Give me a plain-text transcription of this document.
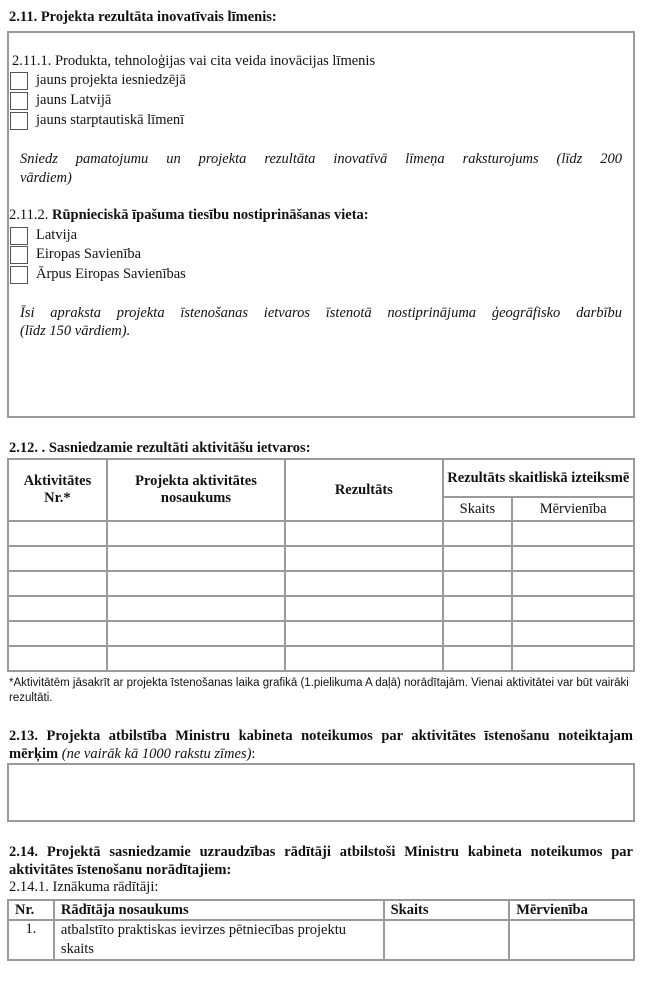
2.11. Projekta rezultāta inovatīvais līmenis:
2.11.1. Produkta, tehnoloģijas vai cita veida inovācijas līmenis
jauns projekta iesniedzējā
jauns Latvijā
jauns starptautiskā līmenī
Sniedz pamatojumu un projekta rezultāta inovatīvā līmeņa raksturojums (līdz 200
vārdiem)
2.11.2. Rūpnieciskā īpašuma tiesību nostiprināšanas vieta:
Latvija
Eiropas Savienība
Ārpus Eiropas Savienības
Īsi apraksta projekta īstenošanas ietvaros īstenotā nostiprinājuma ģeogrāfisko darbību
(līdz 150 vārdiem).
2.12. . Sasniedzamie rezultāti aktivitāšu ietvaros:
Aktivitātes Nr.*	Projekta aktivitātes nosaukums	Rezultāts	Rezultāts skaitliskā izteiksmē	
			Skaits	Mērvienība

*Aktivitātēm jāsakrīt ar projekta īstenošanas laika grafikā (1.pielikuma A daļā) norādītajām. Vienai aktivitātei var būt vairāki rezultāti.
2.13. Projekta atbilstība Ministru kabineta noteikumos par aktivitātes īstenošanu noteiktajam mērķim (ne vairāk kā 1000 rakstu zīmes):
2.14. Projektā sasniedzamie uzraudzības rādītāji atbilstoši Ministru kabineta noteikumos par aktivitātes īstenošanu norādītajiem:
2.14.1. Iznākuma rādītāji:
Nr.	Rādītāja nosaukums	Skaits	Mērvienība
1.	atbalstīto praktiskas ievirzes pētniecības projektu skaits		
